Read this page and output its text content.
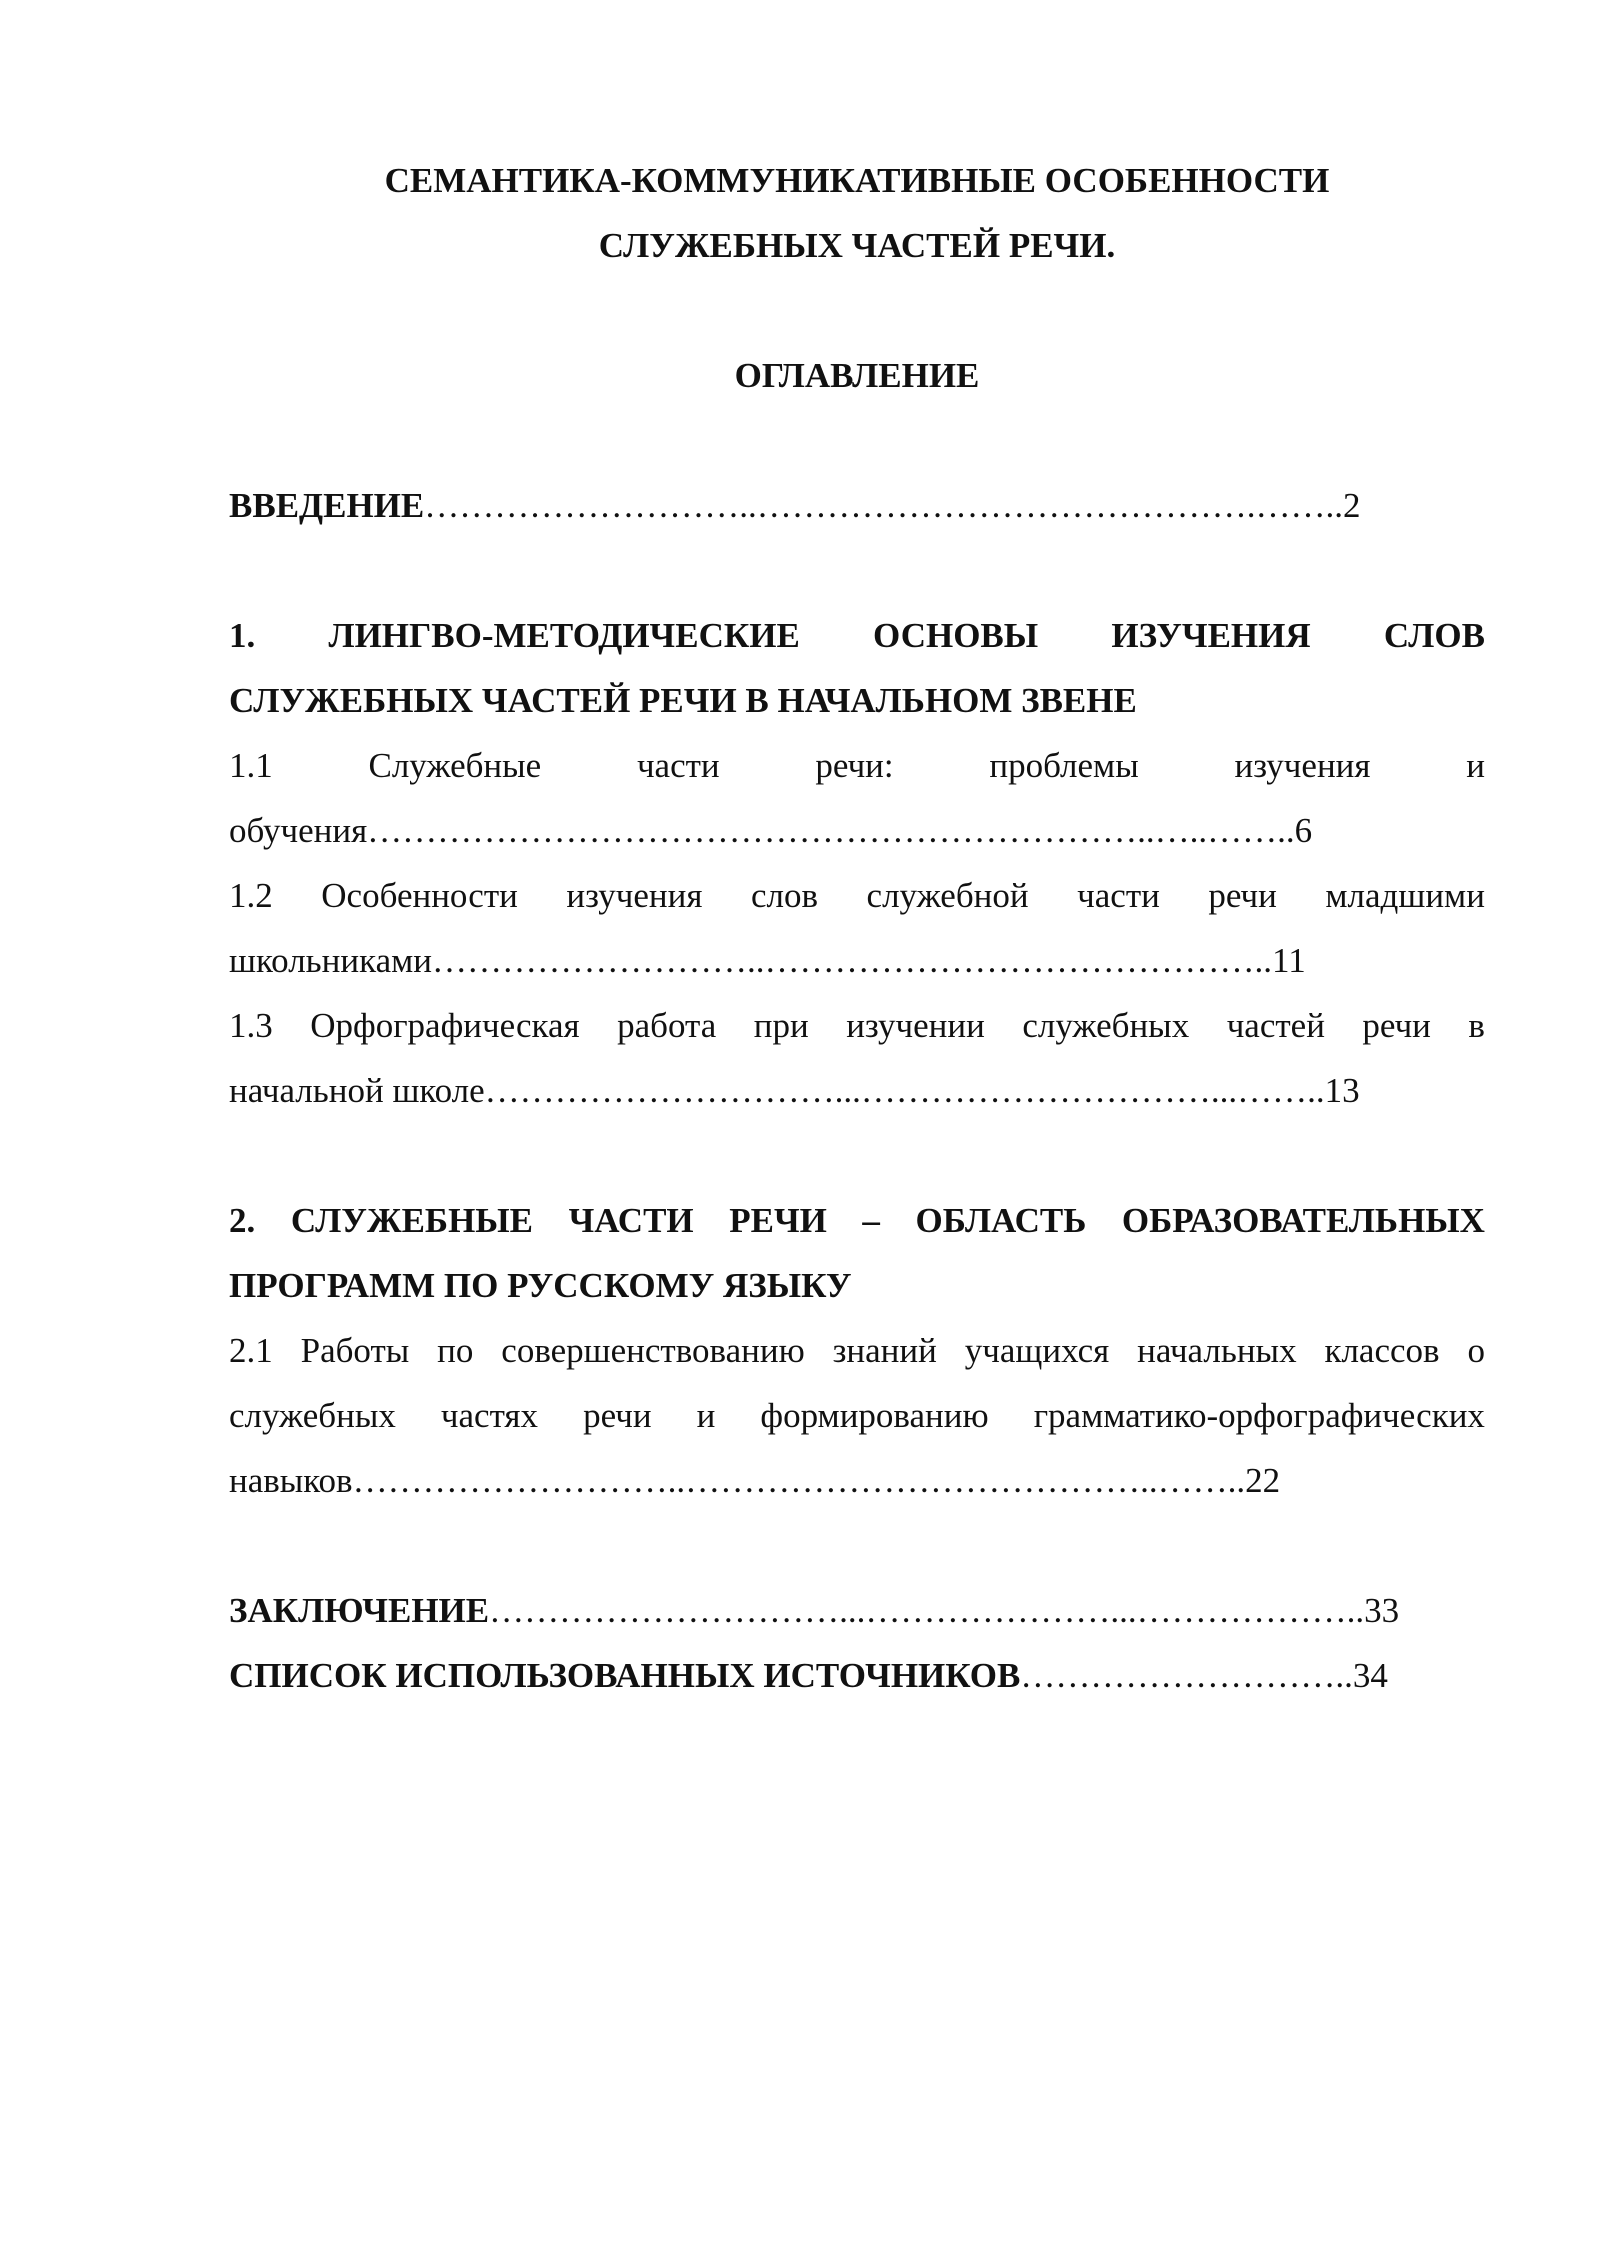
СЕМАНТИКА-КОММУНИКАТИВНЫЕ ОСОБЕННОСТИ
СЛУЖЕБНЫХ ЧАСТЕЙ РЕЧИ.
ОГЛАВЛЕНИЕ
ВВЕДЕНИЕ………………………..…………………………………….……..2
1. ЛИНГВО-МЕТОДИЧЕСКИЕ ОСНОВЫ ИЗУЧЕНИЯ СЛОВ
СЛУЖЕБНЫХ ЧАСТЕЙ РЕЧИ В НАЧАЛЬНОМ ЗВЕНЕ
1.1	Служебные	части	речи:	проблемы	изучения	и
обучения…………………………………………………………..…..……..6
1.2 Особенности изучения слов служебной части речи младшими
школьниками………………………..……………………………………..11
1.3 Орфографическая работа при изучении служебных частей речи в
начальной школе…………………………...…………………………...……..13
2. СЛУЖЕБНЫЕ ЧАСТИ РЕЧИ – ОБЛАСТЬ ОБРАЗОВАТЕЛЬНЫХ
ПРОГРАММ ПО РУССКОМУ ЯЗЫКУ
2.1 Работы по совершенствованию знаний учащихся начальных классов о
служебных частях речи и формированию грамматико-орфографических
навыков………………………..…………………………………..……..22
ЗАКЛЮЧЕНИЕ…………………………...…………………...………………..33
СПИСОК ИСПОЛЬЗОВАННЫХ ИСТОЧНИКОВ………………………..34
